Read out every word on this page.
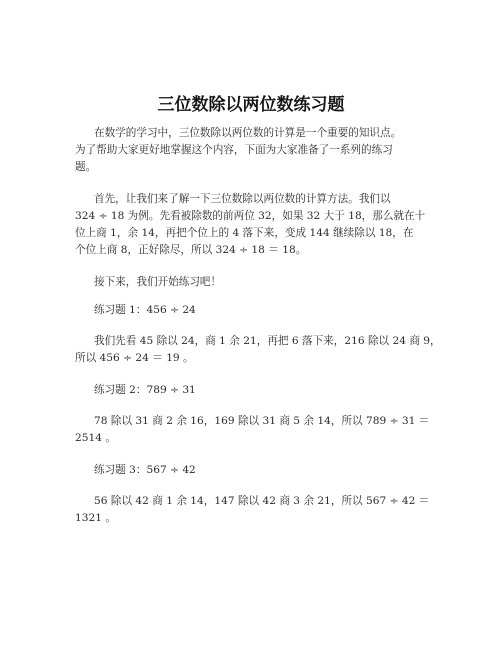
三位数除以两位数练习题
在数学的学习中，三位数除以两位数的计算是一个重要的知识点。
为了帮助大家更好地掌握这个内容，下面为大家准备了一系列的练习
题。
首先，让我们来了解一下三位数除以两位数的计算方法。我们以
324 ÷ 18 为例。先看被除数的前两位 32，如果 32 大于 18，那么就在十
位上商 1，余 14，再把个位上的 4 落下来，变成 144 继续除以 18，在
个位上商 8，正好除尽，所以 324 ÷ 18 ＝ 18。
接下来，我们开始练习吧！
练习题 1：456 ÷ 24
我们先看 45 除以 24，商 1 余 21，再把 6 落下来，216 除以 24 商 9，
所以 456 ÷ 24 ＝ 19 。
练习题 2：789 ÷ 31
78 除以 31 商 2 余 16，169 除以 31 商 5 余 14，所以 789 ÷ 31 ＝
2514 。
练习题 3：567 ÷ 42
56 除以 42 商 1 余 14，147 除以 42 商 3 余 21，所以 567 ÷ 42 ＝
1321 。
